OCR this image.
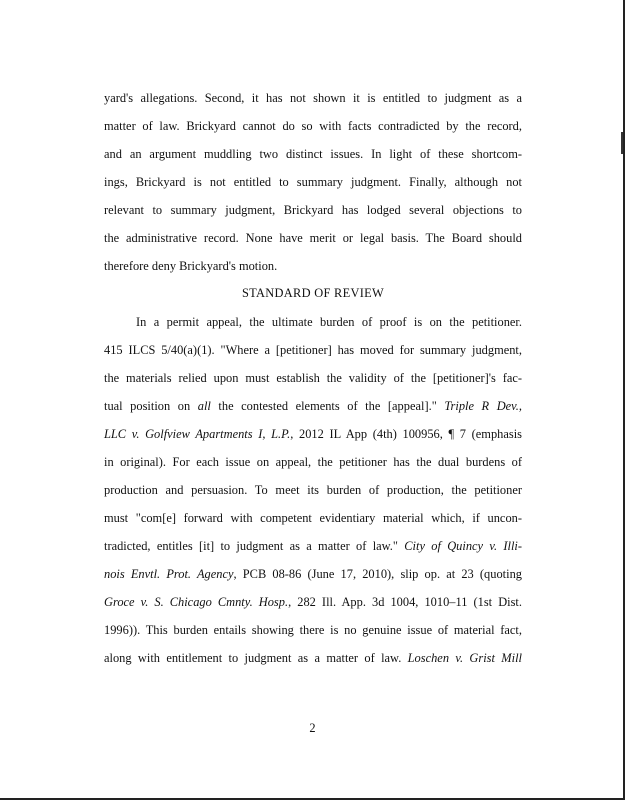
yard's allegations. Second, it has not shown it is entitled to judgment as a
matter of law. Brickyard cannot do so with facts contradicted by the record,
and an argument muddling two distinct issues. In light of these shortcom-
ings, Brickyard is not entitled to summary judgment. Finally, although not
relevant to summary judgment, Brickyard has lodged several objections to
the administrative record. None have merit or legal basis. The Board should
therefore deny Brickyard's motion.
STANDARD OF REVIEW
In a permit appeal, the ultimate burden of proof is on the petitioner.
415 ILCS 5/40(a)(1). "Where a [petitioner] has moved for summary judgment,
the materials relied upon must establish the validity of the [petitioner]'s fac-
tual position on all the contested elements of the [appeal]." Triple R Dev.,
LLC v. Golfview Apartments I, L.P., 2012 IL App (4th) 100956, ¶ 7 (emphasis
in original). For each issue on appeal, the petitioner has the dual burdens of
production and persuasion. To meet its burden of production, the petitioner
must "com[e] forward with competent evidentiary material which, if uncon-
tradicted, entitles [it] to judgment as a matter of law." City of Quincy v. Illi-
nois Envtl. Prot. Agency, PCB 08-86 (June 17, 2010), slip op. at 23 (quoting
Groce v. S. Chicago Cmnty. Hosp., 282 Ill. App. 3d 1004, 1010–11 (1st Dist.
1996)). This burden entails showing there is no genuine issue of material fact,
along with entitlement to judgment as a matter of law. Loschen v. Grist Mill
2
